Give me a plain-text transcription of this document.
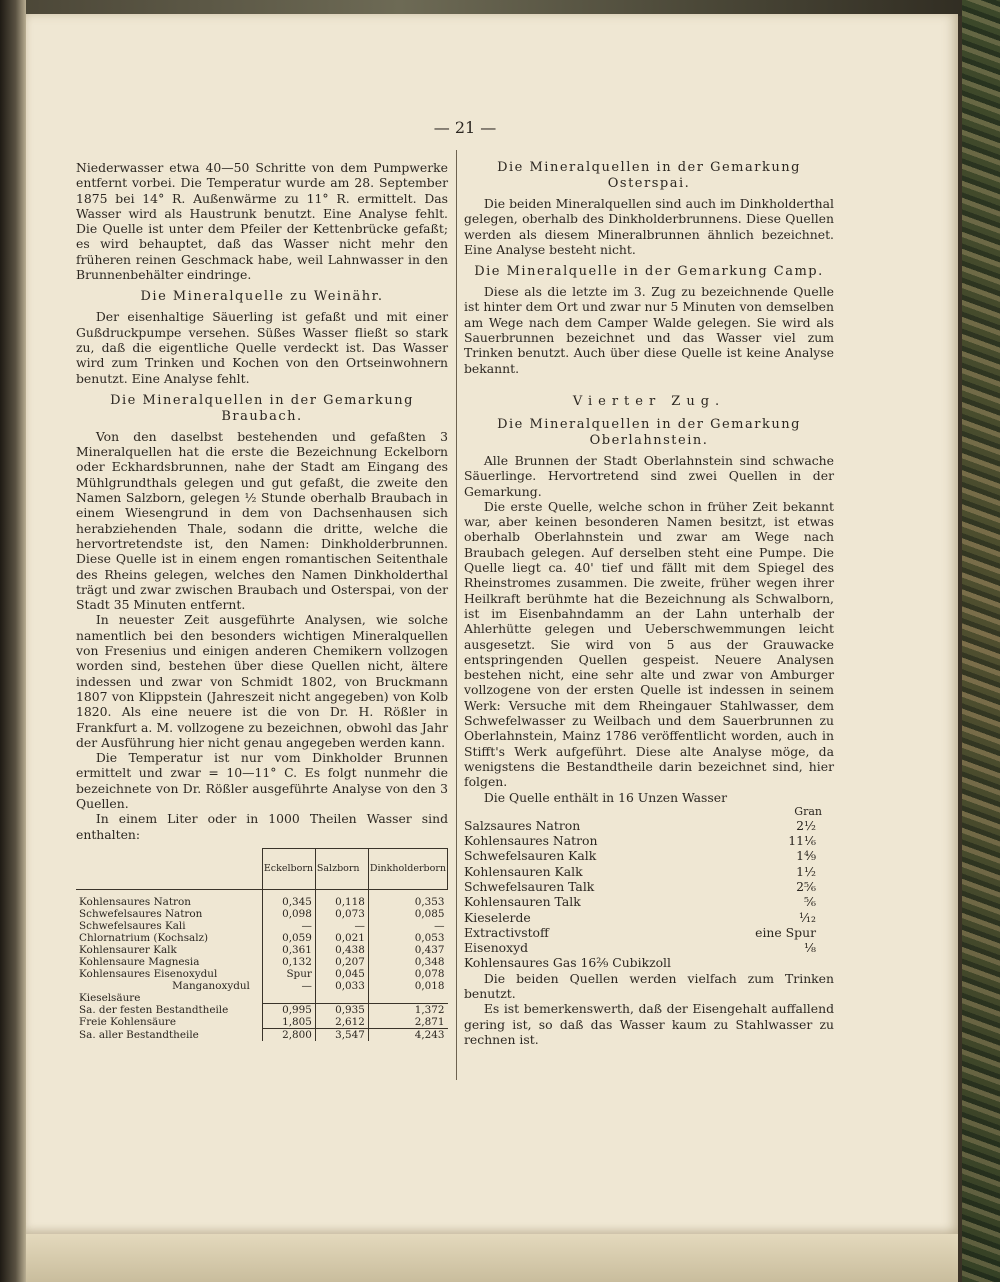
— 21 —

Niederwasser etwa 40—50 Schritte von dem Pumpwerke entfernt vorbei. Die Temperatur wurde am 28. September 1875 bei 14° R. Außenwärme zu 11° R. ermittelt. Das Wasser wird als Haustrunk benutzt. Eine Analyse fehlt. Die Quelle ist unter dem Pfeiler der Kettenbrücke gefaßt; es wird behauptet, daß das Wasser nicht mehr den früheren reinen Geschmack habe, weil Lahnwasser in den Brunnenbehälter eindringe.

Die Mineralquelle zu Weinähr.

Der eisenhaltige Säuerling ist gefaßt und mit einer Gußdruckpumpe versehen. Süßes Wasser fließt so stark zu, daß die eigentliche Quelle verdeckt ist. Das Wasser wird zum Trinken und Kochen von den Ortseinwohnern benutzt. Eine Analyse fehlt.

Die Mineralquellen in der Gemarkung Braubach.

Von den daselbst bestehenden und gefaßten 3 Mineralquellen hat die erste die Bezeichnung Eckelborn oder Eckhardsbrunnen, nahe der Stadt am Eingang des Mühlgrundthals gelegen und gut gefaßt, die zweite den Namen Salzborn, gelegen ½ Stunde oberhalb Braubach in einem Wiesengrund in dem von Dachsenhausen sich herabziehenden Thale, sodann die dritte, welche die hervortretendste ist, den Namen: Dinkholderbrunnen. Diese Quelle ist in einem engen romantischen Seitenthale des Rheins gelegen, welches den Namen Dinkholderthal trägt und zwar zwischen Braubach und Osterspai, von der Stadt 35 Minuten entfernt.

In neuester Zeit ausgeführte Analysen, wie solche namentlich bei den besonders wichtigen Mineralquellen von Fresenius und einigen anderen Chemikern vollzogen worden sind, bestehen über diese Quellen nicht, ältere indessen und zwar von Schmidt 1802, von Bruckmann 1807 von Klippstein (Jahreszeit nicht angegeben) von Kolb 1820. Als eine neuere ist die von Dr. H. Rößler in Frankfurt a. M. vollzogene zu bezeichnen, obwohl das Jahr der Ausführung hier nicht genau angegeben werden kann.

Die Temperatur ist nur vom Dinkholder Brunnen ermittelt und zwar = 10—11° C. Es folgt nunmehr die bezeichnete von Dr. Rößler ausgeführte Analyse von den 3 Quellen.

In einem Liter oder in 1000 Theilen Wasser sind enthalten:

	Eckelborn	Salzborn	Dinkholderborn
Kohlensaures Natron	0,345	0,118	0,353
Schwefelsaures Natron	0,098	0,073	0,085
Schwefelsaures Kali	—	—	—
Chlornatrium (Kochsalz)	0,059	0,021	0,053
Kohlensaurer Kalk	0,361	0,438	0,437
Kohlensaure Magnesia	0,132	0,207	0,348
Kohlensaures Eisenoxydul	Spur	0,045	0,078
Manganoxydul	—	0,033	0,018
Kieselsäure			
Sa. der festen Bestandtheile	0,995	0,935	1,372
Freie Kohlensäure	1,805	2,612	2,871
Sa. aller Bestandtheile	2,800	3,547	4,243
Die Mineralquellen in der Gemarkung Osterspai.

Die beiden Mineralquellen sind auch im Dinkholderthal gelegen, oberhalb des Dinkholderbrunnens. Diese Quellen werden als diesem Mineralbrunnen ähnlich bezeichnet. Eine Analyse besteht nicht.

Die Mineralquelle in der Gemarkung Camp.

Diese als die letzte im 3. Zug zu bezeichnende Quelle ist hinter dem Ort und zwar nur 5 Minuten von demselben am Wege nach dem Camper Walde gelegen. Sie wird als Sauerbrunnen bezeichnet und das Wasser viel zum Trinken benutzt. Auch über diese Quelle ist keine Analyse bekannt.

Vierter Zug.
Die Mineralquellen in der Gemarkung Oberlahnstein.

Alle Brunnen der Stadt Oberlahnstein sind schwache Säuerlinge. Hervortretend sind zwei Quellen in der Gemarkung.

Die erste Quelle, welche schon in früher Zeit bekannt war, aber keinen besonderen Namen besitzt, ist etwas oberhalb Oberlahnstein und zwar am Wege nach Braubach gelegen. Auf derselben steht eine Pumpe. Die Quelle liegt ca. 40' tief und fällt mit dem Spiegel des Rheinstromes zusammen. Die zweite, früher wegen ihrer Heilkraft berühmte hat die Bezeichnung als Schwalborn, ist im Eisenbahndamm an der Lahn unterhalb der Ahlerhütte gelegen und Ueberschwemmungen leicht ausgesetzt. Sie wird von 5 aus der Grauwacke entspringenden Quellen gespeist. Neuere Analysen bestehen nicht, eine sehr alte und zwar von Amburger vollzogene von der ersten Quelle ist indessen in seinem Werk: Versuche mit dem Rheingauer Stahlwasser, dem Schwefelwasser zu Weilbach und dem Sauerbrunnen zu Oberlahnstein, Mainz 1786 veröffentlicht worden, auch in Stifft's Werk aufgeführt. Diese alte Analyse möge, da wenigstens die Bestandtheile darin bezeichnet sind, hier folgen.

Die Quelle enthält in 16 Unzen Wasser

Gran
Salzsaures Natron	2½
Kohlensaures Natron	11⅙
Schwefelsauren Kalk	1⁴⁄₉
Kohlensauren Kalk	1½
Schwefelsauren Talk	2⅚
Kohlensauren Talk	⅚
Kieselerde	¹⁄₁₂
Extractivstoff	eine Spur
Eisenoxyd	⅛
Kohlensaures Gas 16²⁄₉ Cubikzoll

Die beiden Quellen werden vielfach zum Trinken benutzt.

Es ist bemerkenswerth, daß der Eisengehalt auffallend gering ist, so daß das Wasser kaum zu Stahlwasser zu rechnen ist.
